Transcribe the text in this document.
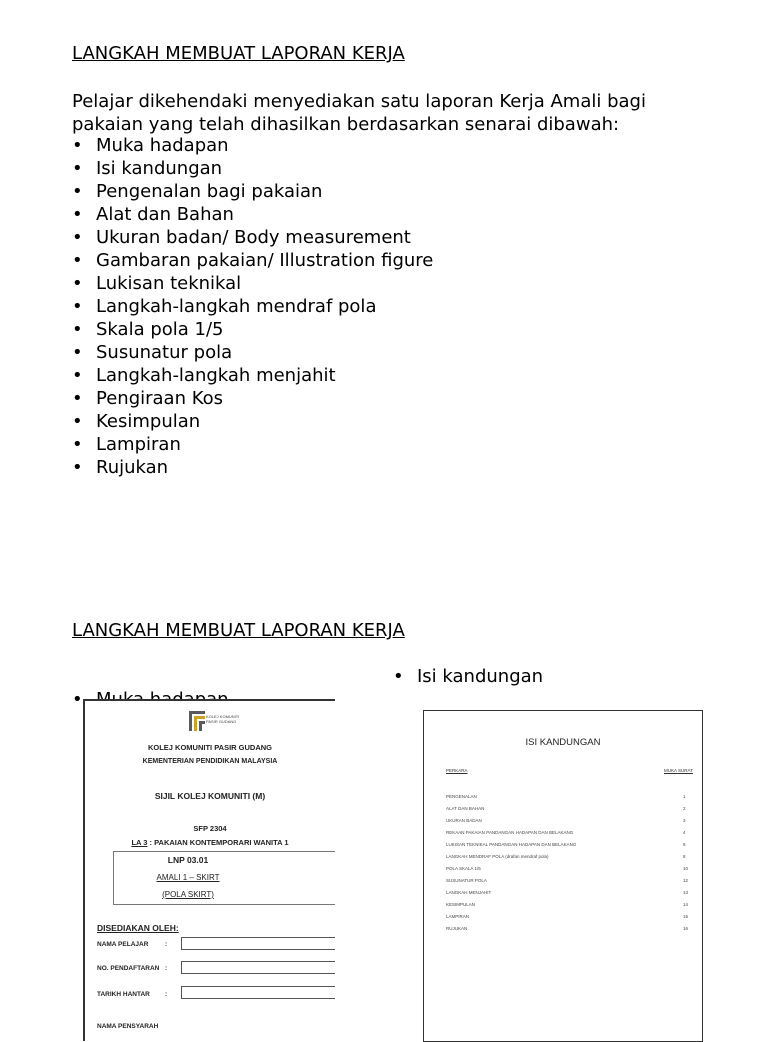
LANGKAH MEMBUAT LAPORAN KERJA

Pelajar dikehendaki menyediakan satu laporan Kerja Amali bagi pakaian yang telah dihasilkan berdasarkan senarai dibawah:

• Muka hadapan
• Isi kandungan
• Pengenalan bagi pakaian
• Alat dan Bahan
• Ukuran badan/ Body measurement
• Gambaran pakaian/ Illustration figure
• Lukisan teknikal
• Langkah-langkah mendraf pola
• Skala pola 1/5
• Susunatur pola
• Langkah-langkah menjahit
• Pengiraan Kos
• Kesimpulan
• Lampiran
• Rujukan
LANGKAH MEMBUAT LAPORAN KERJA
• Isi kandungan
•
KOLEJ KOMUNITI
PASIR GUDANG
KOLEJ KOMUNITI PASIR GUDANG
KEMENTERIAN PENDIDIKAN MALAYSIA
SIJIL KOLEJ KOMUNITI (M)
SFP 2304
LA 3 : PAKAIAN KONTEMPORARI WANITA 1
LNP 03.01
AMALI 1 – SKIRT
(POLA SKIRT)
DISEDIAKAN OLEH:
NAMA PELAJAR	:
NO. PENDAFTARAN :
TARIKH HANTAR :
NAMA PENSYARAH
ISI KANDUNGAN
PERKARA	MUKA SURAT
PENGENALAN	1
ALAT DAN BAHAN	2
UKURAN BADAN	3
REKAAN PAKAIAN PANDANGAN HADAPAN DAN BELAKANG	4
LUKISAN TEKNIKAL PANDANGAN HADAPAN DAN BELAKANG	6
LANGKAH MENDRAF POLA (drafan mendraf pola)	8
POLA SKALA 1/5	10
SUSUNATUR POLA	12
LANGKAH MENJAHIT	13
KESIMPULAN	14
LAMPIRAN	15
RUJUKAN	16
